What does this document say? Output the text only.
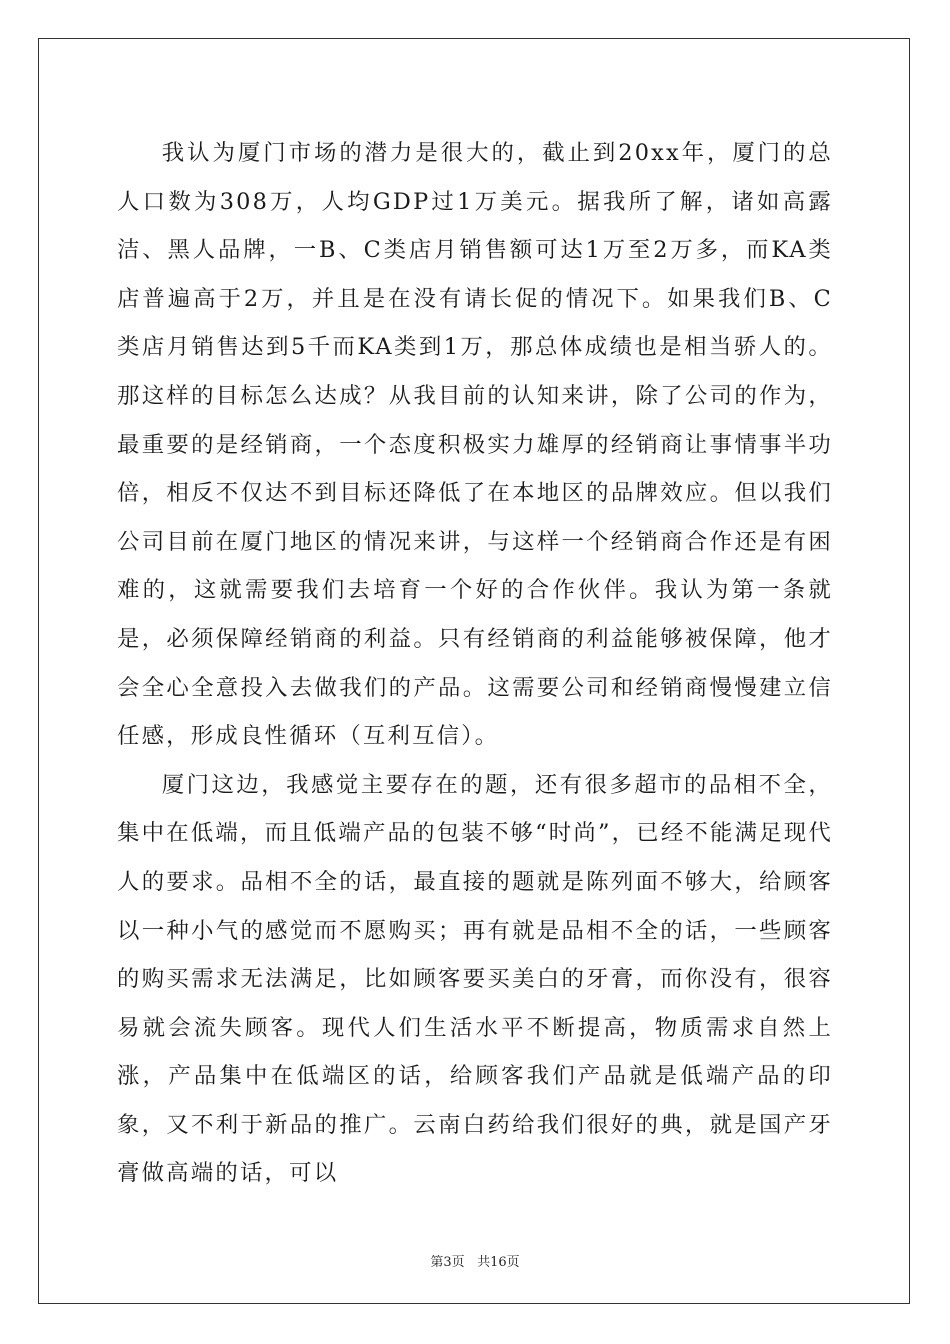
我认为厦门市场的潜力是很大的，截止到20xx年，厦门的总人口数为308万，人均GDP过1万美元。据我所了解，诸如高露洁、黑人品牌，一B、C类店月销售额可达1万至2万多，而KA类店普遍高于2万，并且是在没有请长促的情况下。如果我们B、C类店月销售达到5千而KA类到1万，那总体成绩也是相当骄人的。那这样的目标怎么达成？从我目前的认知来讲，除了公司的作为，最重要的是经销商，一个态度积极实力雄厚的经销商让事情事半功倍，相反不仅达不到目标还降低了在本地区的品牌效应。但以我们公司目前在厦门地区的情况来讲，与这样一个经销商合作还是有困难的，这就需要我们去培育一个好的合作伙伴。我认为第一条就是，必须保障经销商的利益。只有经销商的利益能够被保障，他才会全心全意投入去做我们的产品。这需要公司和经销商慢慢建立信任感，形成良性循环（互利互信）。

厦门这边，我感觉主要存在的题，还有很多超市的品相不全，集中在低端，而且低端产品的包装不够“时尚”，已经不能满足现代人的要求。品相不全的话，最直接的题就是陈列面不够大，给顾客以一种小气的感觉而不愿购买；再有就是品相不全的话，一些顾客的购买需求无法满足，比如顾客要买美白的牙膏，而你没有，很容易就会流失顾客。现代人们生活水平不断提高，物质需求自然上涨，产品集中在低端区的话，给顾客我们产品就是低端产品的印象，又不利于新品的推广。云南白药给我们很好的典，就是国产牙膏做高端的话，可以

第3页 共16页
